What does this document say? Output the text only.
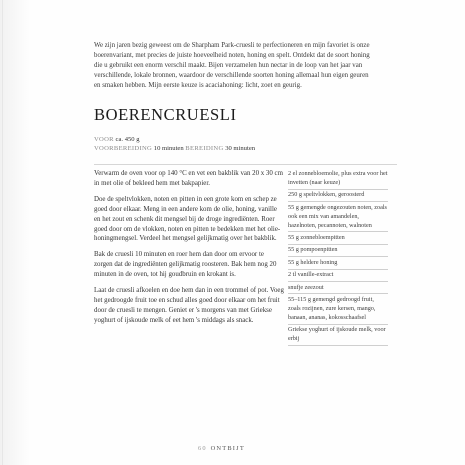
We zijn jaren bezig geweest om de Sharpham Park-cruesli te perfectioneren en mijn favoriet is onze boerenvariant, met precies de juiste hoeveelheid noten, honing en spelt. Ontdekt dat de soort honing die u gebruikt een enorm verschil maakt. Bijen verzamelen hun nectar in de loop van het jaar van verschillende, lokale bronnen, waardoor de verschillende soorten honing allemaal hun eigen geuren en smaken hebben. Mijn eerste keuze is acaciahoning: licht, zoet en geurig.

BOERENCRUESLI
VOOR ca. 450 g
VOORBEREIDING 10 minuten BEREIDING 30 minuten

Verwarm de oven voor op 140 °C en vet een bakblik van 20 x 30 cm in met olie of bekleed hem met bakpapier.

Doe de speltvlokken, noten en pitten in een grote kom en schep ze goed door elkaar. Meng in een andere kom de olie, honing, vanille en het zout en schenk dit mengsel bij de droge ingrediënten. Roer goed door om de vlokken, noten en pitten te bedekken met het olie-honingmengsel. Verdeel het mengsel gelijkmatig over het bakblik.

Bak de cruesli 10 minuten en roer hem dan door om ervoor te zorgen dat de ingrediënten gelijkmatig roosteren. Bak hem nog 20 minuten in de oven, tot hij goudbruin en krokant is.

Laat de cruesli afkoelen en doe hem dan in een trommel of pot. Voeg het gedroogde fruit toe en schud alles goed door elkaar om het fruit door de cruesli te mengen. Geniet er 's morgens van met Griekse yoghurt of ijskoude melk of eet hem 's middags als snack.

2 el zonnebloemolie, plus extra voor het invetten (naar keuze)
250 g speltvlokken, geroosterd
55 g gemengde ongezouten noten, zoals ook een mix van amandelen, hazelnoten, pecannoten, walnoten
55 g zonnebloempitten
55 g pompoenpitten
55 g heldere honing
2 tl vanille-extract
snufje zeezout
55–115 g gemengd gedroogd fruit, zoals rozijnen, zure kersen, mango, banaan, ananas, kokosschaafsel
Griekse yoghurt of ijskoude melk, voor erbij
60 ONTBIJT
